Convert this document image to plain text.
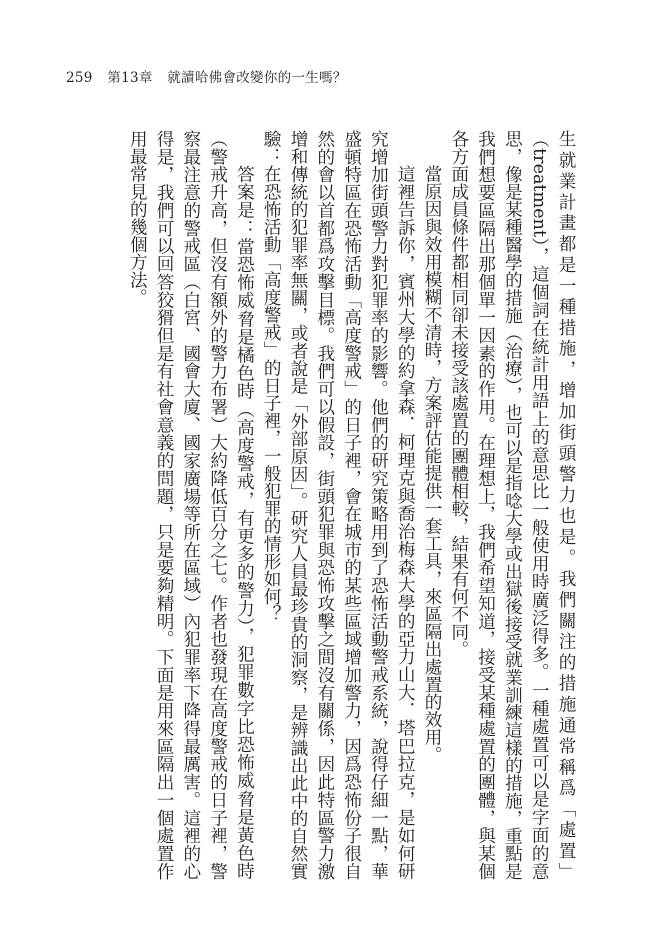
259 第13章 就讀哈佛會改變你的一生嗎？

生就業計畫都是一種措施，增加街頭警力也是。我們關注的措施通常稱爲「處置」（treatment），這個詞在統計用語上的意思比一般使用時廣泛得多。一種處置可以是字面的意思，像是某種醫學的措施（治療），也可以是指唸大學或出獄後接受就業訓練這樣的措施，重點是我們想要區隔出那個單一因素的作用。在理想上，我們希望知道，接受某種處置的團體，與某個各方面成員條件都相同卻未接受該處置的團體相較，結果有何不同。

當原因與效用模糊不清時，方案評估能提供一套工具，來區隔出處置的效用。

這裡告訴你，賓州大學的約拿森．柯理克與喬治梅森大學的亞力山大．塔巴拉克，是如何研究增加街頭警力對犯罪率的影響。他們的研究策略用到了恐怖活動警戒系統，說得仔細一點，華盛頓特區在恐怖活動「高度警戒」的日子裡，會在城市的某些區域增加警力，因爲恐怖份子很自然的會以首都爲攻擊目標。我們可以假設，街頭犯罪與恐怖攻擊之間沒有關係，因此特區警力激增和傳統的犯罪率無關，或者說是「外部原因」。研究人員最珍貴的洞察，是辨識出此中的自然實驗：在恐怖活動「高度警戒」的日子裡，一般犯罪的情形如何？

答案是：當恐怖威脅是橘色時（高度警戒，有更多的警力），犯罪數字比恐怖威脅是黃色時（警戒升高，但沒有額外的警力布署）大約降低百分之七。作者也發現在高度警戒的日子裡，警察最注意的警戒區（白宮、國會大廈、國家廣場等所在區域）內犯罪率下降得最厲害。這裡的心得是，我們可以回答狡猾但是有社會意義的問題，只是要夠精明。下面是用來區隔出一個處置作用最常見的幾個方法。
